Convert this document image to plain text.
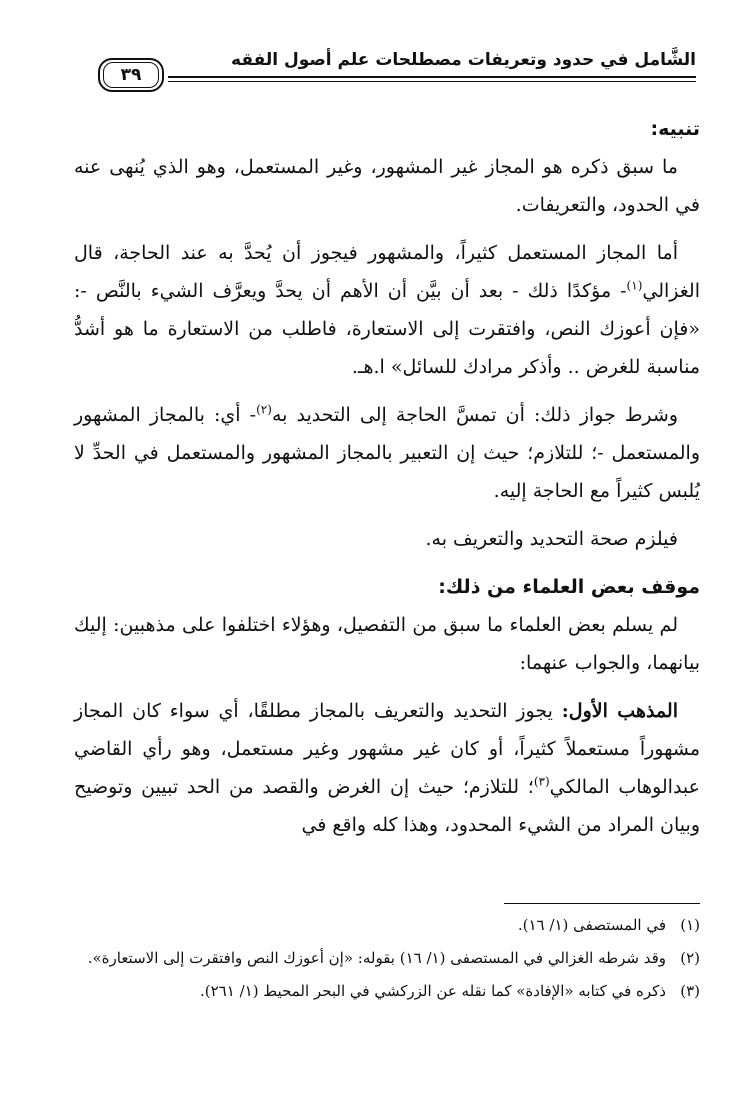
الشَّامل في حدود وتعريفات مصطلحات علم أصول الفقه
٣٩

تنبيه:

ما سبق ذكره هو المجاز غير المشهور، وغير المستعمل، وهو الذي يُنهى عنه في الحدود، والتعريفات.

أما المجاز المستعمل كثيراً، والمشهور فيجوز أن يُحدَّ به عند الحاجة، قال الغزالي$^{(١)}$- مؤكدًا ذلك - بعد أن بيَّن أن الأهم أن يحدَّ ويعرَّف الشيء بالنَّص -: «فإن أعوزك النص، وافتقرت إلى الاستعارة، فاطلب من الاستعارة ما هو أشدُّ مناسبة للغرض .. وأذكر مرادك للسائل» ا.هـ.

وشرط جواز ذلك: أن تمسَّ الحاجة إلى التحديد به$^{(٢)}$- أي: بالمجاز المشهور والمستعمل -؛ للتلازم؛ حيث إن التعبير بالمجاز المشهور والمستعمل في الحدِّ لا يُلبس كثيراً مع الحاجة إليه.

فيلزم صحة التحديد والتعريف به.

موقف بعض العلماء من ذلك:

لم يسلم بعض العلماء ما سبق من التفصيل، وهؤلاء اختلفوا على مذهبين: إليك بيانهما، والجواب عنهما:

المذهب الأول: يجوز التحديد والتعريف بالمجاز مطلقًا، أي سواء كان المجاز مشهوراً مستعملاً كثيراً، أو كان غير مشهور وغير مستعمل، وهو رأي القاضي عبدالوهاب المالكي$^{(٣)}$؛ للتلازم؛ حيث إن الغرض والقصد من الحد تبيين وتوضيح وبيان المراد من الشيء المحدود، وهذا كله واقع في

(١)
في المستصفى (١/ ١٦).
(٢)
وقد شرطه الغزالي في المستصفى (١/ ١٦) بقوله: «إن أعوزك النص وافتقرت إلى الاستعارة».
(٣)
ذكره في كتابه «الإفادة» كما نقله عن الزركشي في البحر المحيط (١/ ٢٦١).
